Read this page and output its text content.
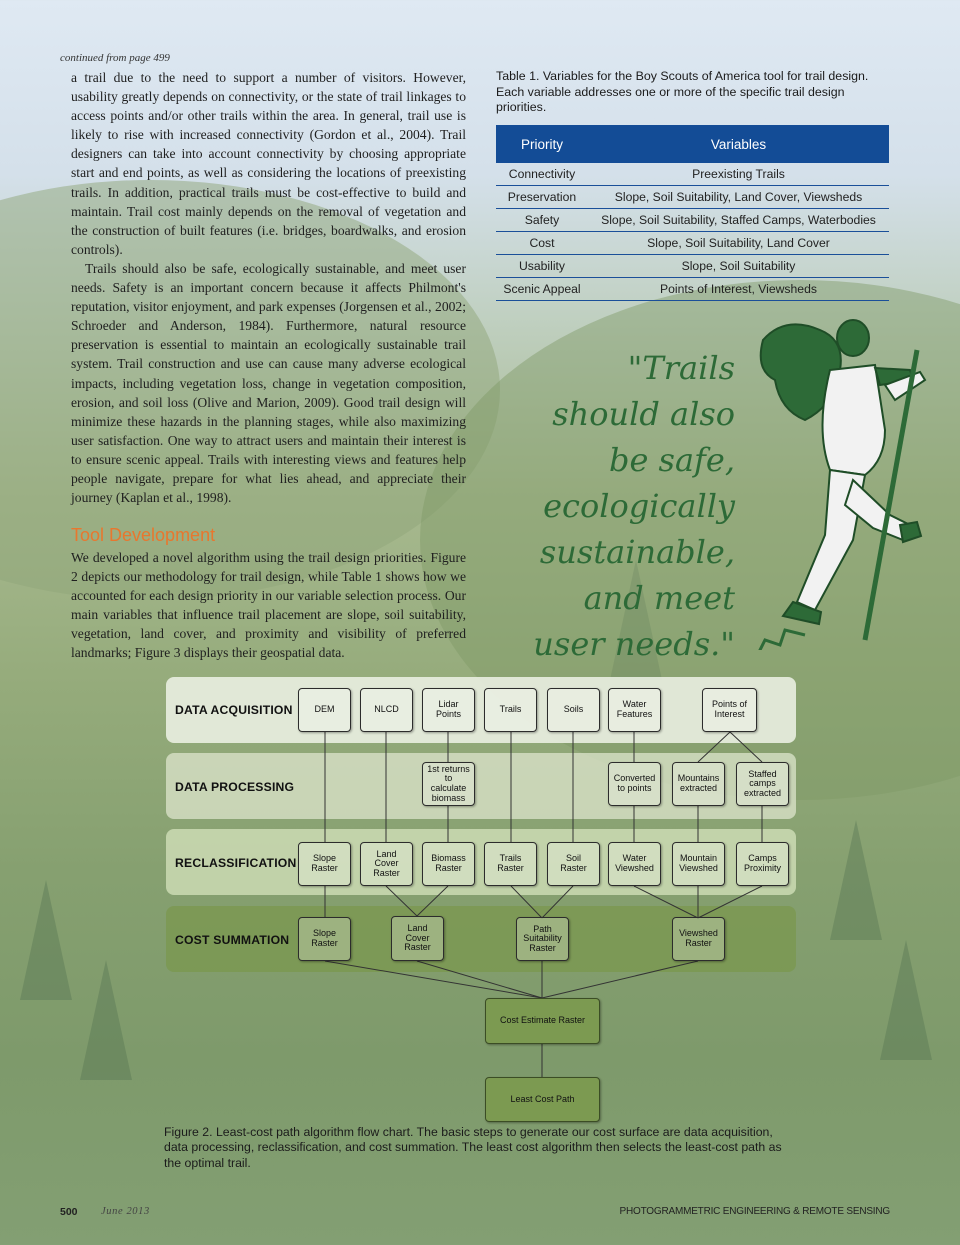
continued from page 499

a trail due to the need to support a number of visitors. However, usability greatly depends on connectivity, or the state of trail linkages to access points and/or other trails within the area. In general, trail use is likely to rise with increased connectivity (Gordon et al., 2004). Trail designers can take into account connectivity by choosing appropriate start and end points, as well as considering the locations of preexisting trails. In addition, practical trails must be cost-effective to build and maintain. Trail cost mainly depends on the removal of vegetation and the construction of built features (i.e. bridges, boardwalks, and erosion controls).

Trails should also be safe, ecologically sustainable, and meet user needs. Safety is an important concern because it affects Philmont's reputation, visitor enjoyment, and park expenses (Jorgensen et al., 2002; Schroeder and Anderson, 1984). Furthermore, natural resource preservation is essential to maintain an ecologically sustainable trail system. Trail construction and use can cause many adverse ecological impacts, including vegetation loss, change in vegetation composition, erosion, and soil loss (Olive and Marion, 2009). Good trail design will minimize these hazards in the planning stages, while also maximizing user satisfaction. One way to attract users and maintain their interest is to ensure scenic appeal. Trails with interesting views and features help people navigate, prepare for what lies ahead, and appreciate their journey (Kaplan et al., 1998).

Tool Development

We developed a novel algorithm using the trail design priorities. Figure 2 depicts our methodology for trail design, while Table 1 shows how we accounted for each design priority in our variable selection process. Our main variables that influence trail placement are slope, soil suitability, vegetation, land cover, and proximity and visibility of preferred landmarks; Figure 3 displays their geospatial data.

Table 1. Variables for the Boy Scouts of America tool for trail design. Each variable addresses one or more of the specific trail design priorities.
Priority	Variables
Connectivity	Preexisting Trails
Preservation	Slope, Soil Suitability, Land Cover, Viewsheds
Safety	Slope, Soil Suitability, Staffed Camps, Waterbodies
Cost	Slope, Soil Suitability, Land Cover
Usability	Slope, Soil Suitability
Scenic Appeal	Points of Interest, Viewsheds
"Trails should also be safe, ecologically sustainable, and meet user needs."
DATA ACQUISITION
DATA PROCESSING
RECLASSIFICATION
COST SUMMATION
DEM	NLCD	Lidar
Points	Trails	Soils	Water
Features
Points of
Interest
1st returns
to
calculate
biomass
Converted
to points
Mountains
extracted
Staffed
camps
extracted
Slope
Raster
Land
Cover
Raster
Biomass
Raster
Trails
Raster
Soil
Raster
Water
Viewshed
Mountain
Viewshed
Camps
Proximity
Slope
Raster
Land
Cover
Raster
Path
Suitability
Raster
Viewshed
Raster
Cost Estimate Raster
Least Cost Path
Figure 2. Least-cost path algorithm flow chart. The basic steps to generate our cost surface are data acquisition, data processing, reclassification, and cost summation. The least cost algorithm then selects the least-cost path as the optimal trail.
500 June 2013	PHOTOGRAMMETRIC ENGINEERING & REMOTE SENSING
